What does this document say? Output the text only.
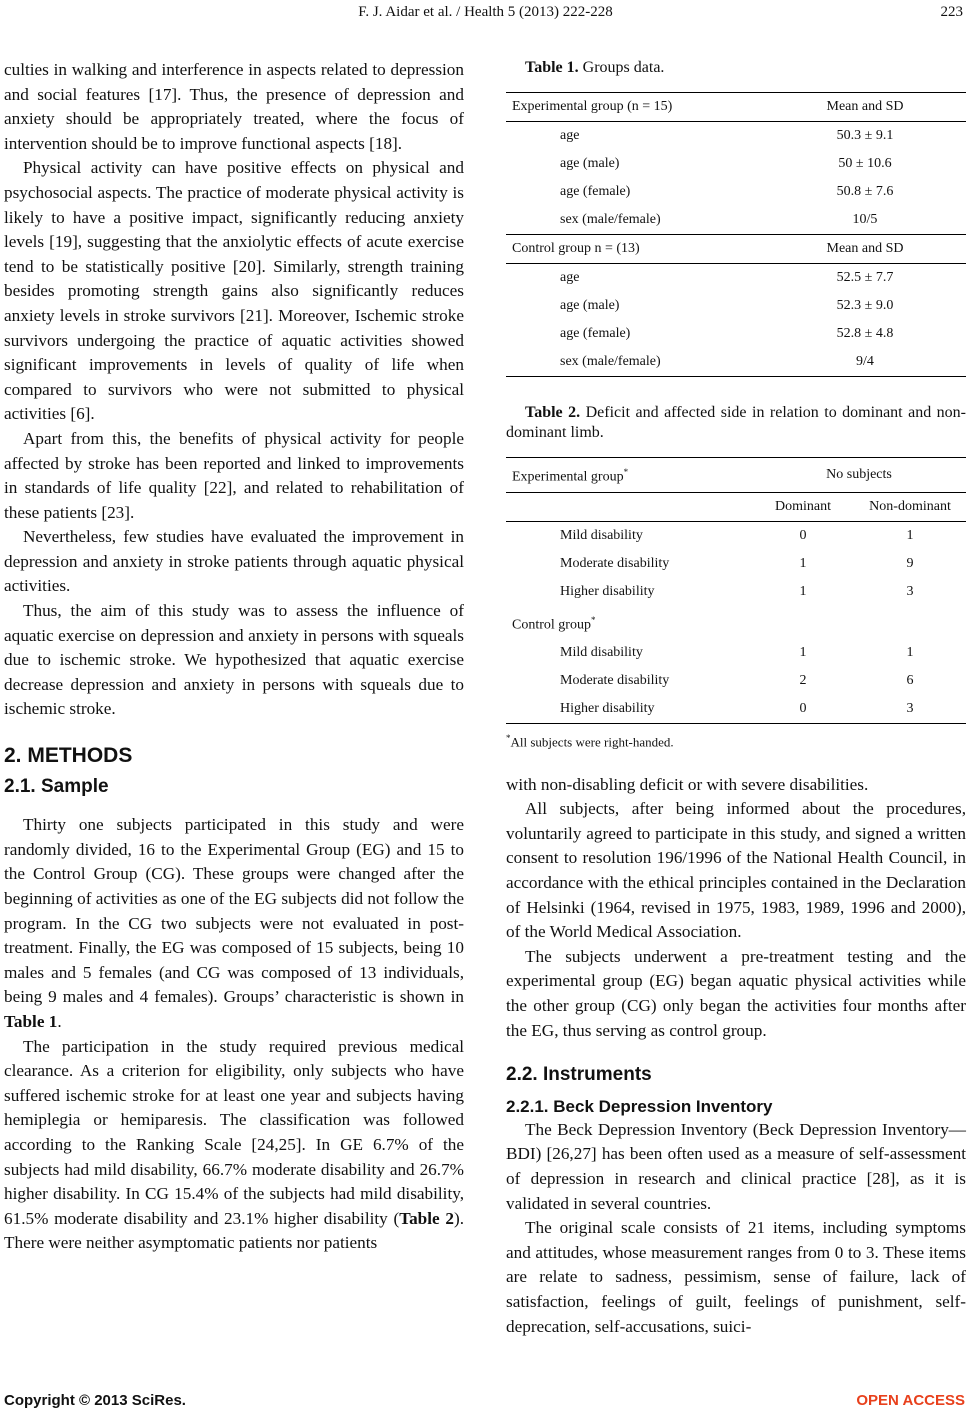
F. J. Aidar et al. / Health 5 (2013) 222-228	223

culties in walking and interference in aspects related to depression and social features [17]. Thus, the presence of depression and anxiety should be appropriately treated, where the focus of intervention should be to improve functional aspects [18].

Physical activity can have positive effects on physical and psychosocial aspects. The practice of moderate physical activity is likely to have a positive impact, significantly reducing anxiety levels [19], suggesting that the anxiolytic effects of acute exercise tend to be statistically positive [20]. Similarly, strength training besides promoting strength gains also significantly reduces anxiety levels in stroke survivors [21]. Moreover, Ischemic stroke survivors undergoing the practice of aquatic activities showed significant improvements in levels of quality of life when compared to survivors who were not submitted to physical activities [6].

Apart from this, the benefits of physical activity for people affected by stroke has been reported and linked to improvements in standards of life quality [22], and related to rehabilitation of these patients [23].

Nevertheless, few studies have evaluated the improvement in depression and anxiety in stroke patients through aquatic physical activities.

Thus, the aim of this study was to assess the influence of aquatic exercise on depression and anxiety in persons with squeals due to ischemic stroke. We hypothesized that aquatic exercise decrease depression and anxiety in persons with squeals due to ischemic stroke.

2. METHODS
2.1. Sample

Thirty one subjects participated in this study and were randomly divided, 16 to the Experimental Group (EG) and 15 to the Control Group (CG). These groups were changed after the beginning of activities as one of the EG subjects did not follow the program. In the CG two subjects were not evaluated in post-treatment. Finally, the EG was composed of 15 subjects, being 10 males and 5 females (and CG was composed of 13 individuals, being 9 males and 4 females). Groups’ characteristic is shown in Table 1.

The participation in the study required previous medical clearance. As a criterion for eligibility, only subjects who have suffered ischemic stroke for at least one year and subjects having hemiplegia or hemiparesis. The classification was followed according to the Ranking Scale [24,25]. In GE 6.7% of the subjects had mild disability, 66.7% moderate disability and 26.7% higher disability. In CG 15.4% of the subjects had mild disability, 61.5% moderate disability and 23.1% higher disability (Table 2). There were neither asymptomatic patients nor patients

Table 1. Groups data.

Experimental group (n = 15)	Mean and SD
age	50.3 ± 9.1
age (male)	50 ± 10.6
age (female)	50.8 ± 7.6
sex (male/female)	10/5
Control group n = (13)	Mean and SD
age	52.5 ± 7.7
age (male)	52.3 ± 9.0
age (female)	52.8 ± 4.8
sex (male/female)	9/4

Table 2. Deficit and affected side in relation to dominant and non-dominant limb.

Experimental group*	No subjects	
	Dominant	Non-dominant
Mild disability	0	1
Moderate disability	1	9
Higher disability	1	3
Control group*
Mild disability	1	1
Moderate disability	2	6
Higher disability	0	3
*All subjects were right-handed.

with non-disabling deficit or with severe disabilities.

All subjects, after being informed about the procedures, voluntarily agreed to participate in this study, and signed a written consent to resolution 196/1996 of the National Health Council, in accordance with the ethical principles contained in the Declaration of Helsinki (1964, revised in 1975, 1983, 1989, 1996 and 2000), of the World Medical Association.

The subjects underwent a pre-treatment testing and the experimental group (EG) began aquatic physical activities while the other group (CG) only began the activities four months after the EG, thus serving as control group.

2.2. Instruments
2.2.1. Beck Depression Inventory

The Beck Depression Inventory (Beck Depression Inventory—BDI) [26,27] has been often used as a measure of self-assessment of depression in research and clinical practice [28], as it is validated in several countries.

The original scale consists of 21 items, including symptoms and attitudes, whose measurement ranges from 0 to 3. These items are relate to sadness, pessimism, sense of failure, lack of satisfaction, feelings of guilt, feelings of punishment, self-deprecation, self-accusations, suici-

Copyright © 2013 SciRes.	OPEN ACCESS
